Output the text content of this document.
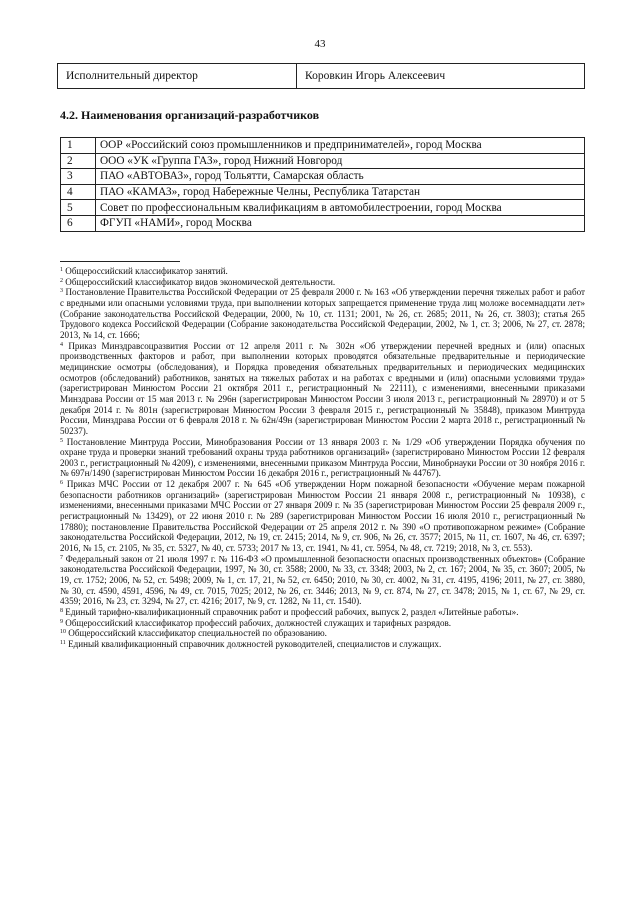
43
Исполнительный директор	Коровкин Игорь Алексеевич
4.2. Наименования организаций-разработчиков
1	ООР «Российский союз промышленников и предпринимателей», город Москва
2	ООО «УК «Группа ГАЗ», город Нижний Новгород
3	ПАО «АВТОВАЗ», город Тольятти, Самарская область
4	ПАО «КАМАЗ», город Набережные Челны, Республика Татарстан
5	Совет по профессиональным квалификациям в автомобилестроении, город Москва
6	ФГУП «НАМИ», город Москва

$^1$ Общероссийский классификатор занятий.

$^2$ Общероссийский классификатор видов экономической деятельности.

$^3$ Постановление Правительства Российской Федерации от 25 февраля 2000 г. № 163 «Об утверждении перечня тяжелых работ и работ с вредными или опасными условиями труда, при выполнении которых запрещается применение труда лиц моложе восемнадцати лет» (Собрание законодательства Российской Федерации, 2000, № 10, ст. 1131; 2001, № 26, ст. 2685; 2011, № 26, ст. 3803); статья 265 Трудового кодекса Российской Федерации (Собрание законодательства Российской Федерации, 2002, № 1, ст. 3; 2006, № 27, ст. 2878; 2013, № 14, ст. 1666;

$^4$ Приказ Минздравсоцразвития России от 12 апреля 2011 г. № 302н «Об утверждении перечней вредных и (или) опасных производственных факторов и работ, при выполнении которых проводятся обязательные предварительные и периодические медицинские осмотры (обследования), и Порядка проведения обязательных предварительных и периодических медицинских осмотров (обследований) работников, занятых на тяжелых работах и на работах с вредными и (или) опасными условиями труда» (зарегистрирован Минюстом России 21 октября 2011 г., регистрационный № 22111), с изменениями, внесенными приказами Минздрава России от 15 мая 2013 г. № 296н (зарегистрирован Минюстом России 3 июля 2013 г., регистрационный № 28970) и от 5 декабря 2014 г. № 801н (зарегистрирован Минюстом России 3 февраля 2015 г., регистрационный № 35848), приказом Минтруда России, Минздрава России от 6 февраля 2018 г. № 62н/49н (зарегистрирован Минюстом России 2 марта 2018 г., регистрационный № 50237).

$^5$ Постановление Минтруда России, Минобразования России от 13 января 2003 г. № 1/29 «Об утверждении Порядка обучения по охране труда и проверки знаний требований охраны труда работников организаций» (зарегистрировано Минюстом России 12 февраля 2003 г., регистрационный № 4209), с изменениями, внесенными приказом Минтруда России, Минобрнауки России от 30 ноября 2016 г. № 697н/1490 (зарегистрирован Минюстом России 16 декабря 2016 г., регистрационный № 44767).

$^6$ Приказ МЧС России от 12 декабря 2007 г. № 645 «Об утверждении Норм пожарной безопасности «Обучение мерам пожарной безопасности работников организаций» (зарегистрирован Минюстом России 21 января 2008 г., регистрационный № 10938), с изменениями, внесенными приказами МЧС России от 27 января 2009 г. № 35 (зарегистрирован Минюстом России 25 февраля 2009 г., регистрационный № 13429), от 22 июня 2010 г. № 289 (зарегистрирован Минюстом России 16 июля 2010 г., регистрационный № 17880); постановление Правительства Российской Федерации от 25 апреля 2012 г. № 390 «О противопожарном режиме» (Собрание законодательства Российской Федерации, 2012, № 19, ст. 2415; 2014, № 9, ст. 906, № 26, ст. 3577; 2015, № 11, ст. 1607, № 46, ст. 6397; 2016, № 15, ст. 2105, № 35, ст. 5327, № 40, ст. 5733; 2017 № 13, ст. 1941, № 41, ст. 5954, № 48, ст. 7219; 2018, № 3, ст. 553).

$^7$ Федеральный закон от 21 июля 1997 г. № 116-ФЗ «О промышленной безопасности опасных производственных объектов» (Собрание законодательства Российской Федерации, 1997, № 30, ст. 3588; 2000, № 33, ст. 3348; 2003, № 2, ст. 167; 2004, № 35, ст. 3607; 2005, № 19, ст. 1752; 2006, № 52, ст. 5498; 2009, № 1, ст. 17, 21, № 52, ст. 6450; 2010, № 30, ст. 4002, № 31, ст. 4195, 4196; 2011, № 27, ст. 3880, № 30, ст. 4590, 4591, 4596, № 49, ст. 7015, 7025; 2012, № 26, ст. 3446; 2013, № 9, ст. 874, № 27, ст. 3478; 2015, № 1, ст. 67, № 29, ст. 4359; 2016, № 23, ст. 3294, № 27, ст. 4216; 2017, № 9, ст. 1282, № 11, ст. 1540).

$^8$ Единый тарифно-квалификационный справочник работ и профессий рабочих, выпуск 2, раздел «Литейные работы».

$^9$ Общероссийский классификатор профессий рабочих, должностей служащих и тарифных разрядов.

$^{10}$ Общероссийский классификатор специальностей по образованию.

$^{11}$ Единый квалификационный справочник должностей руководителей, специалистов и служащих.
